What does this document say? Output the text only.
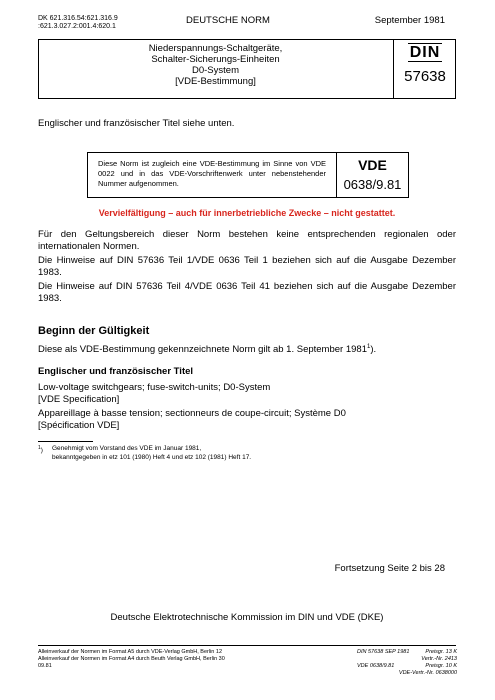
DK 621.316.54:621.316.9
:621.3.027.2:001.4:620.1
DEUTSCHE NORM	September 1981
Niederspannungs-Schaltgeräte,
Schalter-Sicherungs-Einheiten
D0-System
[VDE-Bestimmung]
DIN
57638
Englischer und französischer Titel siehe unten.
Diese Norm ist zugleich eine VDE-Bestimmung im Sinne von VDE 0022 und in das VDE-Vorschriftenwerk unter nebenstehender Nummer aufgenommen.
VDE
0638/9.81
Vervielfältigung – auch für innerbetriebliche Zwecke – nicht gestattet.
Für den Geltungsbereich dieser Norm bestehen keine entsprechenden regionalen oder internationalen Normen.
Die Hinweise auf DIN 57636 Teil 1/VDE 0636 Teil 1 beziehen sich auf die Ausgabe Dezember 1983.
Die Hinweise auf DIN 57636 Teil 4/VDE 0636 Teil 41 beziehen sich auf die Ausgabe Dezember 1983.
Beginn der Gültigkeit
Diese als VDE-Bestimmung gekennzeichnete Norm gilt ab 1. September 1981$^1$).
Englischer und französischer Titel
Low-voltage switchgears; fuse-switch-units; D0-System
[VDE Specification]
Appareillage à basse tension; sectionneurs de coupe-circuit; Système D0
[Spécification VDE]
$^1$) Genehmigt vom Vorstand des VDE im Januar 1981,
bekanntgegeben in etz 101 (1980) Heft 4 und etz 102 (1981) Heft 17.
Fortsetzung Seite 2 bis 28
Deutsche Elektrotechnische Kommission im DIN und VDE (DKE)
Alleinverkauf der Normen im Format A5 durch VDE-Verlag GmbH, Berlin 12
Alleinverkauf der Normen im Format A4 durch Beuth Verlag GmbH, Berlin 30
09.81
DIN 57638 SEP 1981	Preisgr. 13 K
Vertr.-Nr. 2413
VDE 0638/9.81	Preisgr. 10 K
VDE-Vertr.-Nr. 0638000
